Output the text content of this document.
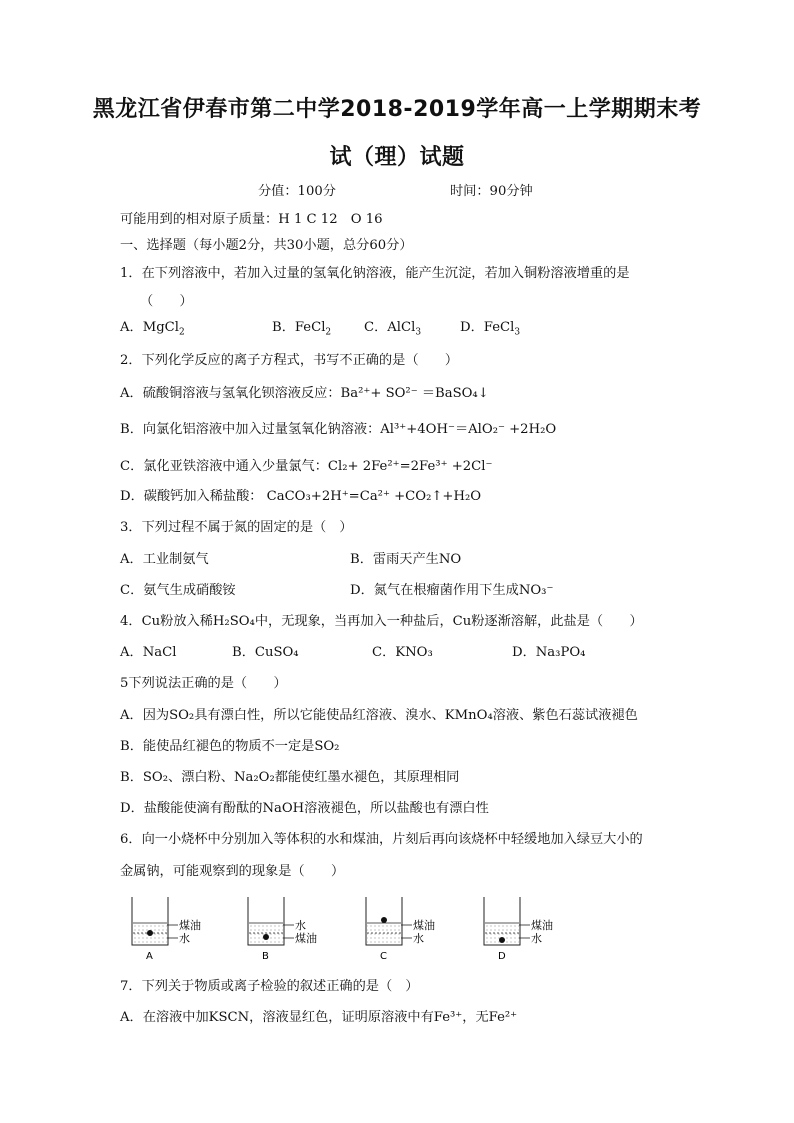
黑龙江省伊春市第二中学2018-2019学年高一上学期期末考
试（理）试题
分值：100分	时间：90分钟
可能用到的相对原子质量：H 1 C 12　O 16
一、选择题（每小题2分，共30小题，总分60分）
1．在下列溶液中，若加入过量的氢氧化钠溶液，能产生沉淀，若加入铜粉溶液增重的是
（　　）
A．MgCl$_2$	B．FeCl$_2$ C．AlCl$_3$	D．FeCl$_3$
2．下列化学反应的离子方程式，书写不正确的是（　　）
A．硫酸铜溶液与氢氧化钡溶液反应：Ba²⁺+ SO²⁻ ＝BaSO₄↓
B．向氯化铝溶液中加入过量氢氧化钠溶液：Al³⁺+4OH⁻＝AlO₂⁻ +2H₂O
C．氯化亚铁溶液中通入少量氯气：Cl₂+ 2Fe²⁺=2Fe³⁺ +2Cl⁻
D．碳酸钙加入稀盐酸： CaCO₃+2H⁺=Ca²⁺ +CO₂↑+H₂O
3．下列过程不属于氮的固定的是（　）
A．工业制氨气	B．雷雨天产生NO
C．氨气生成硝酸铵	D．氮气在根瘤菌作用下生成NO₃⁻
4．Cu粉放入稀H₂SO₄中，无现象，当再加入一种盐后，Cu粉逐渐溶解，此盐是（　　）
A．NaCl	B．CuSO₄	C．KNO₃	D．Na₃PO₄
5下列说法正确的是（　　）
A．因为SO₂具有漂白性，所以它能使品红溶液、溴水、KMnO₄溶液、紫色石蕊试液褪色
B．能使品红褪色的物质不一定是SO₂
B．SO₂、漂白粉、Na₂O₂都能使红墨水褪色，其原理相同
D．盐酸能使滴有酚酞的NaOH溶液褪色，所以盐酸也有漂白性
6．向一小烧杯中分别加入等体积的水和煤油，片刻后再向该烧杯中轻缓地加入绿豆大小的
金属钠，可能观察到的现象是（　　）
煤油
水
A
水
煤油
B
煤油
水
C
煤油
水
D
7．下列关于物质或离子检验的叙述正确的是（　）
A．在溶液中加KSCN，溶液显红色，证明原溶液中有Fe³⁺，无Fe²⁺
